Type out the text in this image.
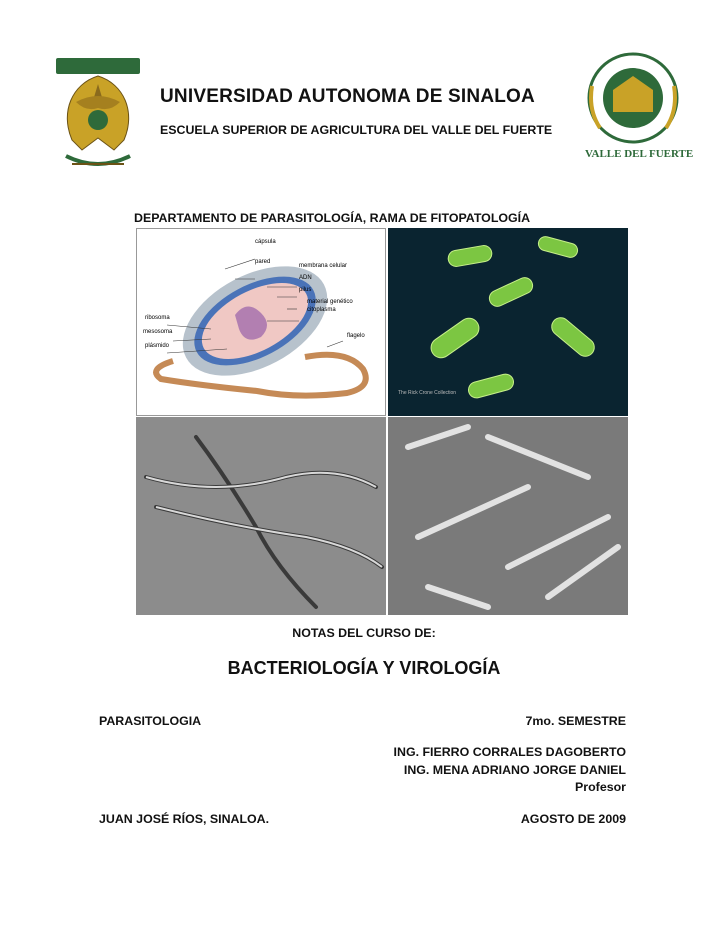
VALLE DEL FUERTE
UNIVERSIDAD AUTONOMA DE SINALOA
ESCUELA SUPERIOR DE AGRICULTURA DEL VALLE DEL FUERTE
DEPARTAMENTO DE PARASITOLOGÍA, RAMA DE FITOPATOLOGÍA
cápsula
pared
membrana celular
ADN
pilus
material genético
citoplasma
ribosoma
mesosoma
plásmido
flagelo
The Rick Crone Collection
NOTAS DEL CURSO DE:
BACTERIOLOGÍA Y VIROLOGÍA
PARASITOLOGIA	7mo. SEMESTRE
ING. FIERRO CORRALES DAGOBERTO
ING. MENA ADRIANO JORGE DANIEL
Profesor
JUAN JOSÉ RÍOS, SINALOA.	AGOSTO DE 2009
